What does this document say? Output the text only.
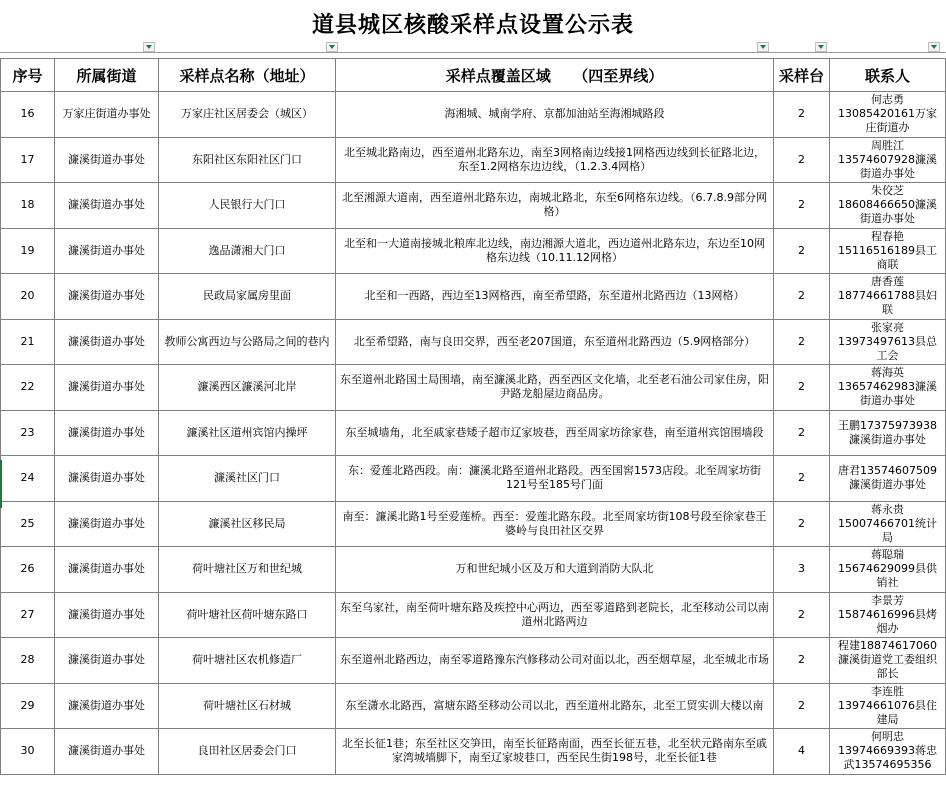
道县城区核酸采样点设置公示表
序号	所属街道	采样点名称（地址）	采样点覆盖区域　　（四至界线）	采样台	联系人
16	万家庄街道办事处	万家庄社区居委会（城区）	海湘城、城南学府、京都加油站至海湘城路段	2	何志勇13085420161万家庄街道办
17	濂溪街道办事处	东阳社区东阳社区门口	北至城北路南边，西至道州北路东边，南至3网格南边线接1网格西边线到长征路北边，东至1.2网格东边边线，（1.2.3.4网格）	2	周胜江13574607928濂溪街道办事处
18	濂溪街道办事处	人民银行大门口	北至湘源大道南，西至道州北路东边，南城北路北，东至6网格东边线。（6.7.8.9部分网格）	2	朱佼芝18608466650濂溪街道办事处
19	濂溪街道办事处	逸品潇湘大门口	北至和一大道南接城北粮库北边线，南边湘源大道北，西边道州北路东边，东边至10网格东边线（10.11.12网格）	2	程春艳15116516189县工商联
20	濂溪街道办事处	民政局家属房里面	北至和一西路，西边至13网格西，南至希望路，东至道州北路西边（13网格）	2	唐香莲18774661788县妇联
21	濂溪街道办事处	教师公寓西边与公路局之间的巷内	北至希望路，南与良田交界，西至老207国道，东至道州北路西边（5.9网格部分）	2	张家亮13973497613县总工会
22	濂溪街道办事处	濂溪西区濂溪河北岸	东至道州北路国土局围墙，南至濂溪北路，西至西区文化墙，北至老石油公司家住房，阳尹路龙船屋边商品房。	2	蒋海英13657462983濂溪街道办事处
23	濂溪街道办事处	濂溪社区道州宾馆内操坪	东至城墙角，北至戚家巷矮子超市辽家坡巷，西至周家坊徐家巷，南至道州宾馆围墙段	2	王鹏17375973938濂溪街道办事处
24	濂溪街道办事处	濂溪社区门口	东：爱莲北路西段。南：濂溪北路至道州北路段。西至国窖1573店段。北至周家坊街121号至185号门面	2	唐君13574607509濂溪街道办事处
25	濂溪街道办事处	濂溪社区移民局	南至：濂溪北路1号至爱莲桥。西至：爱莲北路东段。北至周家坊街108号段至徐家巷王婆岭与良田社区交界	2	蒋永贵15007466701统计局
26	濂溪街道办事处	荷叶塘社区万和世纪城	万和世纪城小区及万和大道到消防大队北	3	蒋聪瑞15674629099县供销社
27	濂溪街道办事处	荷叶塘社区荷叶塘东路口	东至乌家社，南至荷叶塘东路及疾控中心两边，西至零道路到老院长，北至移动公司以南道州北路两边	2	李景芳15874616996县烤烟办
28	濂溪街道办事处	荷叶塘社区农机修造厂	东至道州北路西边，南至零道路豫东汽修移动公司对面以北，西至烟草屋，北至城北市场	2	程建18874617060濂溪街道党工委组织部长
29	濂溪街道办事处	荷叶塘社区石材城	东至潇水北路西，富塘东路至移动公司以北，西至道州北路东，北至工贸实训大楼以南	2	李连胜13974661076县住建局
30	濂溪街道办事处	良田社区居委会门口	北至长征1巷；东至社区交笋田，南至长征路南面，西至长征五巷，北至状元路南东至戚家湾城墙脚下，南至辽家坡巷口，西至民生街198号，北至长征1巷	4	何明忠13974669393蒋忠武13574695356
